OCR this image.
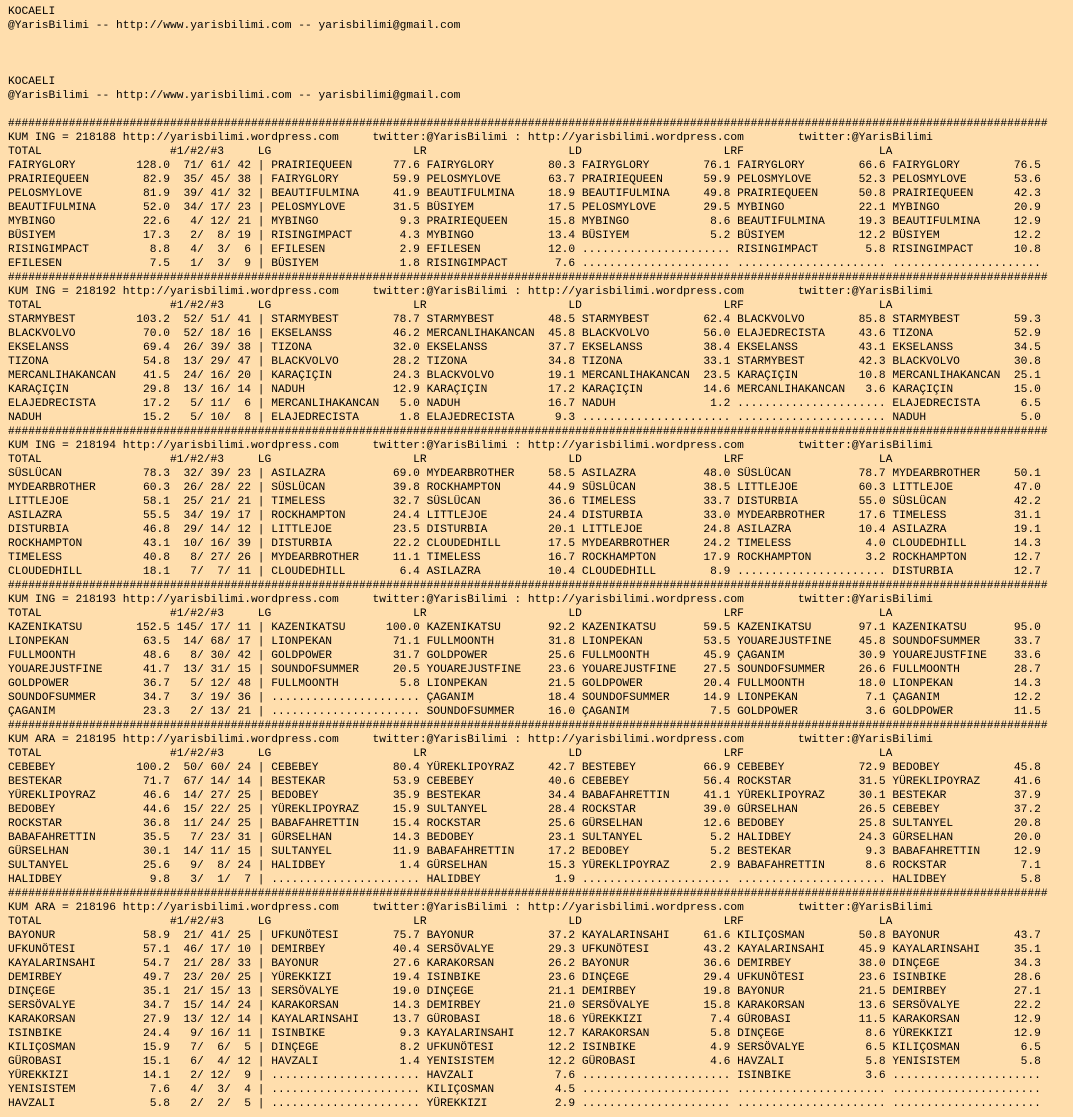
KOCAELI
@YarisBilimi -- http://www.yarisbilimi.com -- yarisbilimi@gmail.com

KOCAELI
@YarisBilimi -- http://www.yarisbilimi.com -- yarisbilimi@gmail.com

##########################################################################################################################################################
KUM ING = 218188 http://yarisbilimi.wordpress.com     twitter:@YarisBilimi : http://yarisbilimi.wordpress.com        twitter:@YarisBilimi
TOTAL                   #1/#2/#3     LG                     LR                     LD                     LRF                    LA
FAIRYGLORY         128.0  71/ 61/ 42 | PRAIRIEQUEEN      77.6 FAIRYGLORY        80.3 FAIRYGLORY        76.1 FAIRYGLORY        66.6 FAIRYGLORY        76.5
PRAIRIEQUEEN        82.9  35/ 45/ 38 | FAIRYGLORY        59.9 PELOSMYLOVE       63.7 PRAIRIEQUEEN      59.9 PELOSMYLOVE       52.3 PELOSMYLOVE       53.6
PELOSMYLOVE         81.9  39/ 41/ 32 | BEAUTIFULMINA     41.9 BEAUTIFULMINA     18.9 BEAUTIFULMINA     49.8 PRAIRIEQUEEN      50.8 PRAIRIEQUEEN      42.3
BEAUTIFULMINA       52.0  34/ 17/ 23 | PELOSMYLOVE       31.5 BÜSIYEM           17.5 PELOSMYLOVE       29.5 MYBINGO           22.1 MYBINGO           20.9
MYBINGO             22.6   4/ 12/ 21 | MYBINGO            9.3 PRAIRIEQUEEN      15.8 MYBINGO            8.6 BEAUTIFULMINA     19.3 BEAUTIFULMINA     12.9
BÜSIYEM             17.3   2/  8/ 19 | RISINGIMPACT       4.3 MYBINGO           13.4 BÜSIYEM            5.2 BÜSIYEM           12.2 BÜSIYEM           12.2
RISINGIMPACT         8.8   4/  3/  6 | EFILESEN           2.9 EFILESEN          12.0 ...................... RISINGIMPACT       5.8 RISINGIMPACT      10.8
EFILESEN             7.5   1/  3/  9 | BÜSIYEM            1.8 RISINGIMPACT       7.6 ...................... ...................... ......................
##########################################################################################################################################################
KUM ING = 218192 http://yarisbilimi.wordpress.com     twitter:@YarisBilimi : http://yarisbilimi.wordpress.com        twitter:@YarisBilimi
TOTAL                   #1/#2/#3     LG                     LR                     LD                     LRF                    LA
STARMYBEST         103.2  52/ 51/ 41 | STARMYBEST        78.7 STARMYBEST        48.5 STARMYBEST        62.4 BLACKVOLVO        85.8 STARMYBEST        59.3
BLACKVOLVO          70.0  52/ 18/ 16 | EKSELANSS         46.2 MERCANLIHAKANCAN  45.8 BLACKVOLVO        56.0 ELAJEDRECISTA     43.6 TIZONA            52.9
EKSELANSS           69.4  26/ 39/ 38 | TIZONA            32.0 EKSELANSS         37.7 EKSELANSS         38.4 EKSELANSS         43.1 EKSELANSS         34.5
TIZONA              54.8  13/ 29/ 47 | BLACKVOLVO        28.2 TIZONA            34.8 TIZONA            33.1 STARMYBEST        42.3 BLACKVOLVO        30.8
MERCANLIHAKANCAN    41.5  24/ 16/ 20 | KARAÇIÇIN         24.3 BLACKVOLVO        19.1 MERCANLIHAKANCAN  23.5 KARAÇIÇIN         10.8 MERCANLIHAKANCAN  25.1
KARAÇIÇIN           29.8  13/ 16/ 14 | NADUH             12.9 KARAÇIÇIN         17.2 KARAÇIÇIN         14.6 MERCANLIHAKANCAN   3.6 KARAÇIÇIN         15.0
ELAJEDRECISTA       17.2   5/ 11/  6 | MERCANLIHAKANCAN   5.0 NADUH             16.7 NADUH              1.2 ...................... ELAJEDRECISTA      6.5
NADUH               15.2   5/ 10/  8 | ELAJEDRECISTA      1.8 ELAJEDRECISTA      9.3 ...................... ...................... NADUH              5.0
##########################################################################################################################################################
KUM ING = 218194 http://yarisbilimi.wordpress.com     twitter:@YarisBilimi : http://yarisbilimi.wordpress.com        twitter:@YarisBilimi
TOTAL                   #1/#2/#3     LG                     LR                     LD                     LRF                    LA
SÜSLÜCAN            78.3  32/ 39/ 23 | ASILAZRA          69.0 MYDEARBROTHER     58.5 ASILAZRA          48.0 SÜSLÜCAN          78.7 MYDEARBROTHER     50.1
MYDEARBROTHER       60.3  26/ 28/ 22 | SÜSLÜCAN          39.8 ROCKHAMPTON       44.9 SÜSLÜCAN          38.5 LITTLEJOE         60.3 LITTLEJOE         47.0
LITTLEJOE           58.1  25/ 21/ 21 | TIMELESS          32.7 SÜSLÜCAN          36.6 TIMELESS          33.7 DISTURBIA         55.0 SÜSLÜCAN          42.2
ASILAZRA            55.5  34/ 19/ 17 | ROCKHAMPTON       24.4 LITTLEJOE         24.4 DISTURBIA         33.0 MYDEARBROTHER     17.6 TIMELESS          31.1
DISTURBIA           46.8  29/ 14/ 12 | LITTLEJOE         23.5 DISTURBIA         20.1 LITTLEJOE         24.8 ASILAZRA          10.4 ASILAZRA          19.1
ROCKHAMPTON         43.1  10/ 16/ 39 | DISTURBIA         22.2 CLOUDEDHILL       17.5 MYDEARBROTHER     24.2 TIMELESS           4.0 CLOUDEDHILL       14.3
TIMELESS            40.8   8/ 27/ 26 | MYDEARBROTHER     11.1 TIMELESS          16.7 ROCKHAMPTON       17.9 ROCKHAMPTON        3.2 ROCKHAMPTON       12.7
CLOUDEDHILL         18.1   7/  7/ 11 | CLOUDEDHILL        6.4 ASILAZRA          10.4 CLOUDEDHILL        8.9 ...................... DISTURBIA         12.7
##########################################################################################################################################################
KUM ING = 218193 http://yarisbilimi.wordpress.com     twitter:@YarisBilimi : http://yarisbilimi.wordpress.com        twitter:@YarisBilimi
TOTAL                   #1/#2/#3     LG                     LR                     LD                     LRF                    LA
KAZENIKATSU        152.5 145/ 17/ 11 | KAZENIKATSU      100.0 KAZENIKATSU       92.2 KAZENIKATSU       59.5 KAZENIKATSU       97.1 KAZENIKATSU       95.0
LIONPEKAN           63.5  14/ 68/ 17 | LIONPEKAN         71.1 FULLMOONTH        31.8 LIONPEKAN         53.5 YOUAREJUSTFINE    45.8 SOUNDOFSUMMER     33.7
FULLMOONTH          48.6   8/ 30/ 42 | GOLDPOWER         31.7 GOLDPOWER         25.6 FULLMOONTH        45.9 ÇAGANIM           30.9 YOUAREJUSTFINE    33.6
YOUAREJUSTFINE      41.7  13/ 31/ 15 | SOUNDOFSUMMER     20.5 YOUAREJUSTFINE    23.6 YOUAREJUSTFINE    27.5 SOUNDOFSUMMER     26.6 FULLMOONTH        28.7
GOLDPOWER           36.7   5/ 12/ 48 | FULLMOONTH         5.8 LIONPEKAN         21.5 GOLDPOWER         20.4 FULLMOONTH        18.0 LIONPEKAN         14.3
SOUNDOFSUMMER       34.7   3/ 19/ 36 | ...................... ÇAGANIM           18.4 SOUNDOFSUMMER     14.9 LIONPEKAN          7.1 ÇAGANIM           12.2
ÇAGANIM             23.3   2/ 13/ 21 | ...................... SOUNDOFSUMMER     16.0 ÇAGANIM            7.5 GOLDPOWER          3.6 GOLDPOWER         11.5
##########################################################################################################################################################
KUM ARA = 218195 http://yarisbilimi.wordpress.com     twitter:@YarisBilimi : http://yarisbilimi.wordpress.com        twitter:@YarisBilimi
TOTAL                   #1/#2/#3     LG                     LR                     LD                     LRF                    LA
CEBEBEY            100.2  50/ 60/ 24 | CEBEBEY           80.4 YÜREKLIPOYRAZ     42.7 BESTEBEY          66.9 CEBEBEY           72.9 BEDOBEY           45.8
BESTEKAR            71.7  67/ 14/ 14 | BESTEKAR          53.9 CEBEBEY           40.6 CEBEBEY           56.4 ROCKSTAR          31.5 YÜREKLIPOYRAZ     41.6
YÜREKLIPOYRAZ       46.6  14/ 27/ 25 | BEDOBEY           35.9 BESTEKAR          34.4 BABAFAHRETTIN     41.1 YÜREKLIPOYRAZ     30.1 BESTEKAR          37.9
BEDOBEY             44.6  15/ 22/ 25 | YÜREKLIPOYRAZ     15.9 SULTANYEL         28.4 ROCKSTAR          39.0 GÜRSELHAN         26.5 CEBEBEY           37.2
ROCKSTAR            36.8  11/ 24/ 25 | BABAFAHRETTIN     15.4 ROCKSTAR          25.6 GÜRSELHAN         12.6 BEDOBEY           25.8 SULTANYEL         20.8
BABAFAHRETTIN       35.5   7/ 23/ 31 | GÜRSELHAN         14.3 BEDOBEY           23.1 SULTANYEL          5.2 HALIDBEY          24.3 GÜRSELHAN         20.0
GÜRSELHAN           30.1  14/ 11/ 15 | SULTANYEL         11.9 BABAFAHRETTIN     17.2 BEDOBEY            5.2 BESTEKAR           9.3 BABAFAHRETTIN     12.9
SULTANYEL           25.6   9/  8/ 24 | HALIDBEY           1.4 GÜRSELHAN         15.3 YÜREKLIPOYRAZ      2.9 BABAFAHRETTIN      8.6 ROCKSTAR           7.1
HALIDBEY             9.8   3/  1/  7 | ...................... HALIDBEY           1.9 ...................... ...................... HALIDBEY           5.8
##########################################################################################################################################################
KUM ARA = 218196 http://yarisbilimi.wordpress.com     twitter:@YarisBilimi : http://yarisbilimi.wordpress.com        twitter:@YarisBilimi
TOTAL                   #1/#2/#3     LG                     LR                     LD                     LRF                    LA
BAYONUR             58.9  21/ 41/ 25 | UFKUNÖTESI        75.7 BAYONUR           37.2 KAYALARINSAHI     61.6 KILIÇOSMAN        50.8 BAYONUR           43.7
UFKUNÖTESI          57.1  46/ 17/ 10 | DEMIRBEY          40.4 SERSÖVALYE        29.3 UFKUNÖTESI        43.2 KAYALARINSAHI     45.9 KAYALARINSAHI     35.1
KAYALARINSAHI       54.7  21/ 28/ 33 | BAYONUR           27.6 KARAKORSAN        26.2 BAYONUR           36.6 DEMIRBEY          38.0 DINÇEGE           34.3
DEMIRBEY            49.7  23/ 20/ 25 | YÜREKKIZI         19.4 ISINBIKE          23.6 DINÇEGE           29.4 UFKUNÖTESI        23.6 ISINBIKE          28.6
DINÇEGE             35.1  21/ 15/ 13 | SERSÖVALYE        19.0 DINÇEGE           21.1 DEMIRBEY          19.8 BAYONUR           21.5 DEMIRBEY          27.1
SERSÖVALYE          34.7  15/ 14/ 24 | KARAKORSAN        14.3 DEMIRBEY          21.0 SERSÖVALYE        15.8 KARAKORSAN        13.6 SERSÖVALYE        22.2
KARAKORSAN          27.9  13/ 12/ 14 | KAYALARINSAHI     13.7 GÜROBASI          18.6 YÜREKKIZI          7.4 GÜROBASI          11.5 KARAKORSAN        12.9
ISINBIKE            24.4   9/ 16/ 11 | ISINBIKE           9.3 KAYALARINSAHI     12.7 KARAKORSAN         5.8 DINÇEGE            8.6 YÜREKKIZI         12.9
KILIÇOSMAN          15.9   7/  6/  5 | DINÇEGE            8.2 UFKUNÖTESI        12.2 ISINBIKE           4.9 SERSÖVALYE         6.5 KILIÇOSMAN         6.5
GÜROBASI            15.1   6/  4/ 12 | HAVZALI            1.4 YENISISTEM        12.2 GÜROBASI           4.6 HAVZALI            5.8 YENISISTEM         5.8
YÜREKKIZI           14.1   2/ 12/  9 | ...................... HAVZALI            7.6 ...................... ISINBIKE           3.6 ......................
YENISISTEM           7.6   4/  3/  4 | ...................... KILIÇOSMAN         4.5 ...................... ...................... ......................
HAVZALI              5.8   2/  2/  5 | ...................... YÜREKKIZI          2.9 ...................... ...................... ......................
